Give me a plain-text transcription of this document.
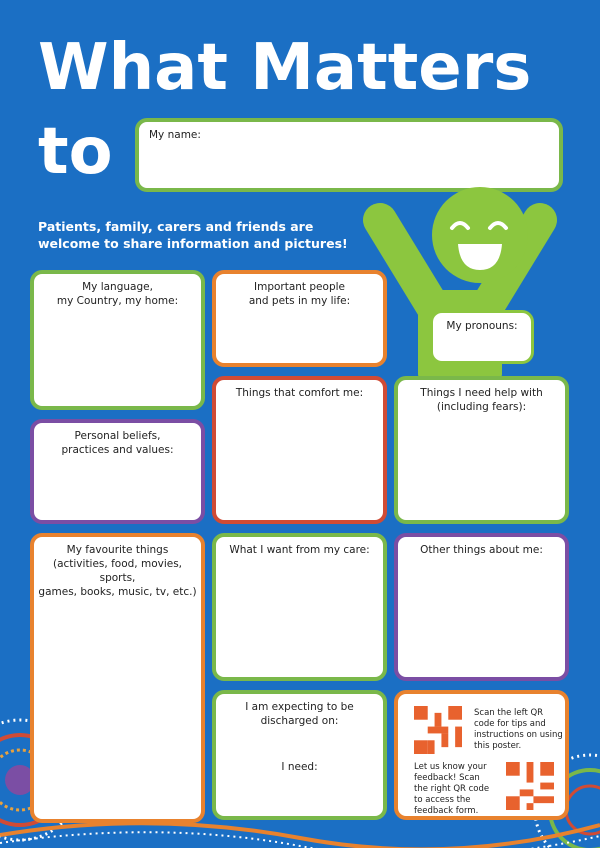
What Matters
to	My name:
Patients, family, carers and friends are welcome to share information and pictures!
My pronouns:
My language,
my Country, my home:
Important people
and pets in my life:
Things that comfort me:	Things I need help with
(including fears):
Personal beliefs,
practices and values:
My favourite things
(activities, food, movies, sports,
games, books, music, tv, etc.)
What I want from my care:	Other things about me:
I am expecting to be
discharged on:
I need:
Scan the left QR code for tips and instructions on using this poster.
Let us know your feedback! Scan the right QR code to access the feedback form.
